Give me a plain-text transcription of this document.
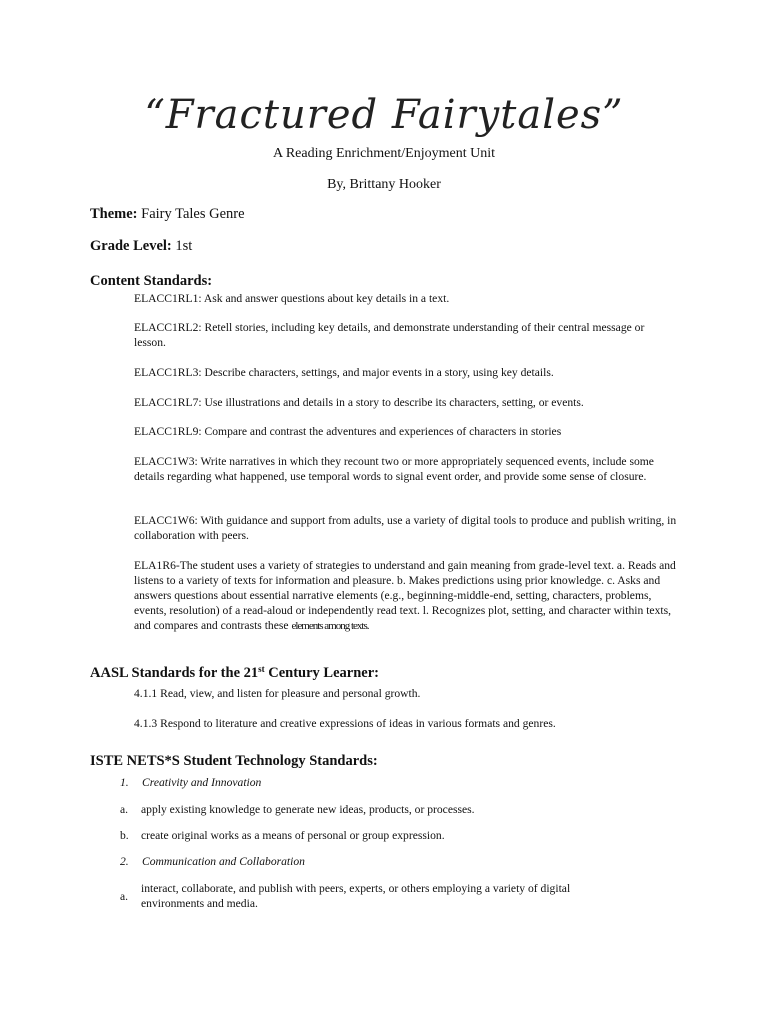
“Fractured Fairytales”
A Reading Enrichment/Enjoyment Unit
By, Brittany Hooker
Theme: Fairy Tales Genre
Grade Level: 1st
Content Standards:

ELACC1RL1: Ask and answer questions about key details in a text.

ELACC1RL2: Retell stories, including key details, and demonstrate understanding of their central message or lesson.

ELACC1RL3: Describe characters, settings, and major events in a story, using key details.

ELACC1RL7: Use illustrations and details in a story to describe its characters, setting, or events.

ELACC1RL9: Compare and contrast the adventures and experiences of characters in stories

ELACC1W3: Write narratives in which they recount two or more appropriately sequenced events, include some details regarding what happened, use temporal words to signal event order, and provide some sense of closure.

ELACC1W6: With guidance and support from adults, use a variety of digital tools to produce and publish writing, in collaboration with peers.

ELA1R6-The student uses a variety of strategies to understand and gain meaning from grade-level text. a. Reads and listens to a variety of texts for information and pleasure. b. Makes predictions using prior knowledge. c. Asks and answers questions about essential narrative elements (e.g., beginning-middle-end, setting, characters, problems, events, resolution) of a read-aloud or independently read text. l. Recognizes plot, setting, and character within texts, and compares and contrasts these elements among texts.

AASL Standards for the 21st Century Learner:
4.1.1 Read, view, and listen for pleasure and personal growth.
4.1.3 Respond to literature and creative expressions of ideas in various formats and genres.
ISTE NETS*S Student Technology Standards:
1. Creativity and Innovation
a. apply existing knowledge to generate new ideas, products, or processes.
b. create original works as a means of personal or group expression.
2. Communication and Collaboration
a.
interact, collaborate, and publish with peers, experts, or others employing a variety of digital environments and media.
